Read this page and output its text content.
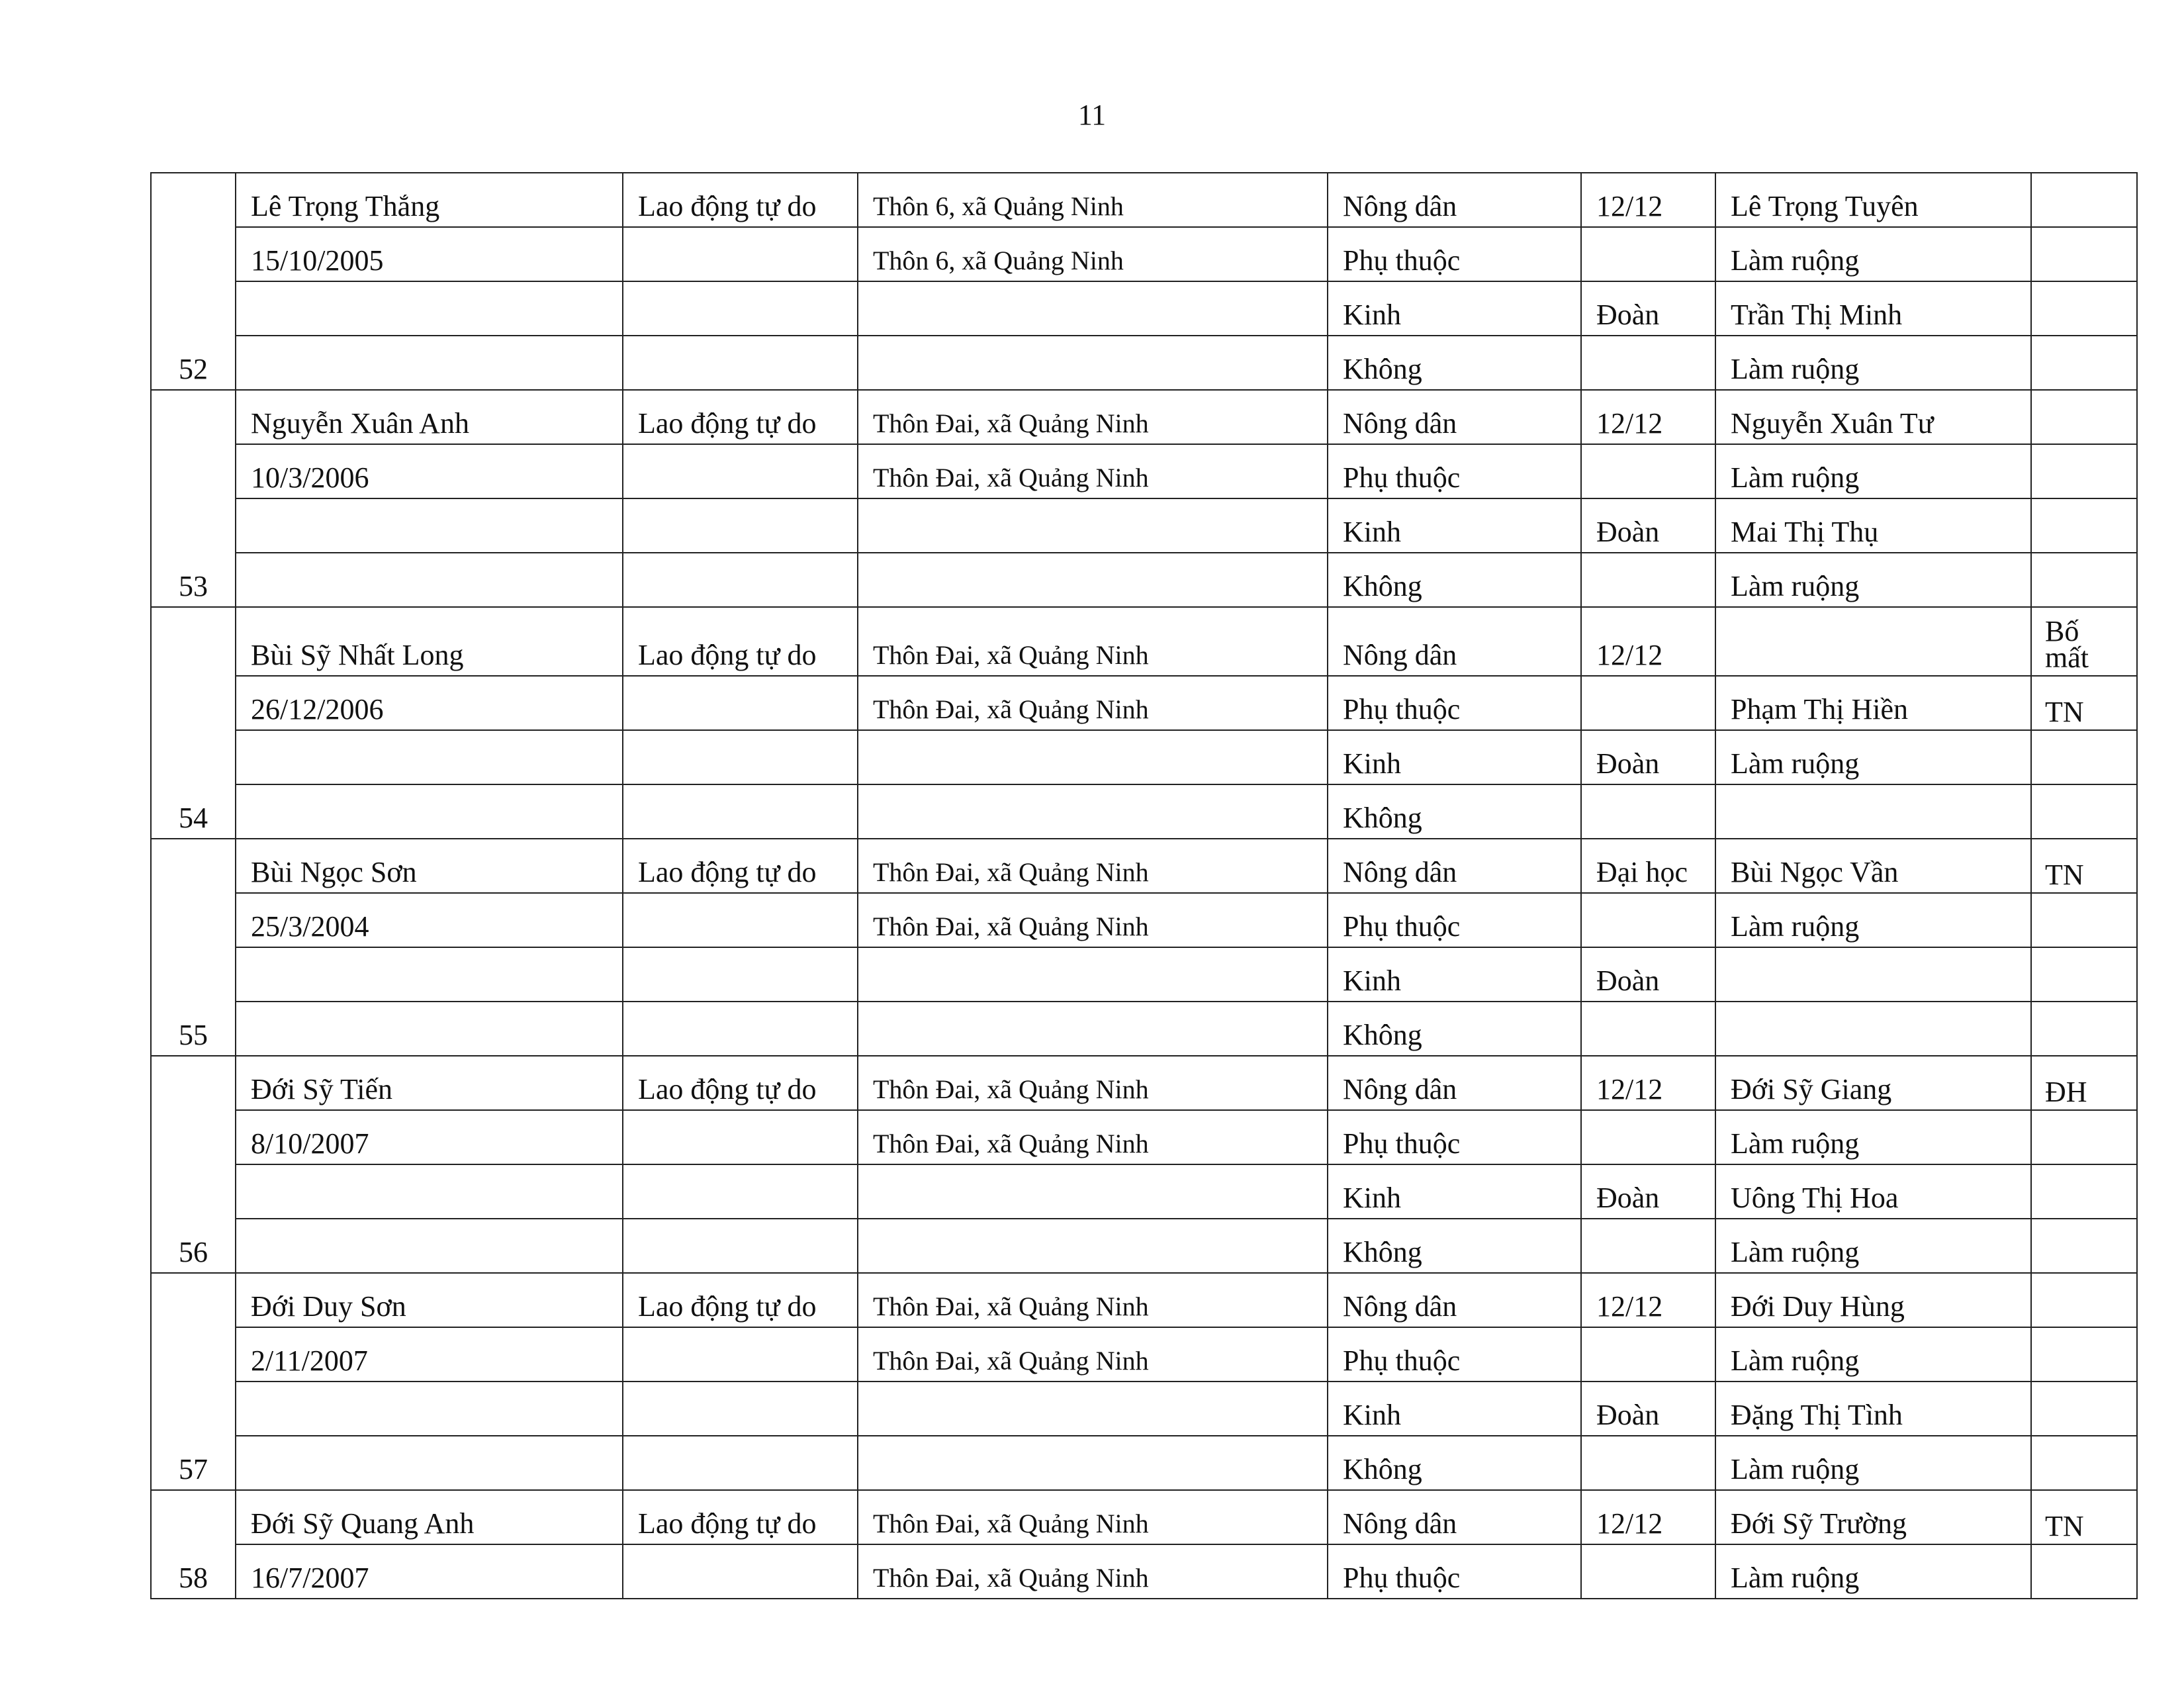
11
52	Lê Trọng Thắng	Lao động tự do	Thôn 6, xã Quảng Ninh	Nông dân	12/12	Lê Trọng Tuyên	
	15/10/2005		Thôn 6, xã Quảng Ninh	Phụ thuộc		Làm ruộng	
				Kinh	Đoàn	Trần Thị Minh	
				Không		Làm ruộng	
53	Nguyễn Xuân Anh	Lao động tự do	Thôn Đai, xã Quảng Ninh	Nông dân	12/12	Nguyễn Xuân Tư	
	10/3/2006		Thôn Đai, xã Quảng Ninh	Phụ thuộc		Làm ruộng	
				Kinh	Đoàn	Mai Thị Thụ	
				Không		Làm ruộng	
54	Bùi Sỹ Nhất Long	Lao động tự do	Thôn Đai, xã Quảng Ninh	Nông dân	12/12		Bố mất
	26/12/2006		Thôn Đai, xã Quảng Ninh	Phụ thuộc		Phạm Thị Hiền	TN
				Kinh	Đoàn	Làm ruộng	
				Không			
55	Bùi Ngọc Sơn	Lao động tự do	Thôn Đai, xã Quảng Ninh	Nông dân	Đại học	Bùi Ngọc Vần	TN
	25/3/2004		Thôn Đai, xã Quảng Ninh	Phụ thuộc		Làm ruộng	
				Kinh	Đoàn		
				Không			
56	Đới Sỹ Tiến	Lao động tự do	Thôn Đai, xã Quảng Ninh	Nông dân	12/12	Đới Sỹ Giang	ĐH
	8/10/2007		Thôn Đai, xã Quảng Ninh	Phụ thuộc		Làm ruộng	
				Kinh	Đoàn	Uông Thị Hoa	
				Không		Làm ruộng	
57	Đới Duy Sơn	Lao động tự do	Thôn Đai, xã Quảng Ninh	Nông dân	12/12	Đới Duy Hùng	
	2/11/2007		Thôn Đai, xã Quảng Ninh	Phụ thuộc		Làm ruộng	
				Kinh	Đoàn	Đặng Thị Tình	
				Không		Làm ruộng	
58	Đới Sỹ Quang Anh	Lao động tự do	Thôn Đai, xã Quảng Ninh	Nông dân	12/12	Đới Sỹ Trường	TN
	16/7/2007		Thôn Đai, xã Quảng Ninh	Phụ thuộc		Làm ruộng	
